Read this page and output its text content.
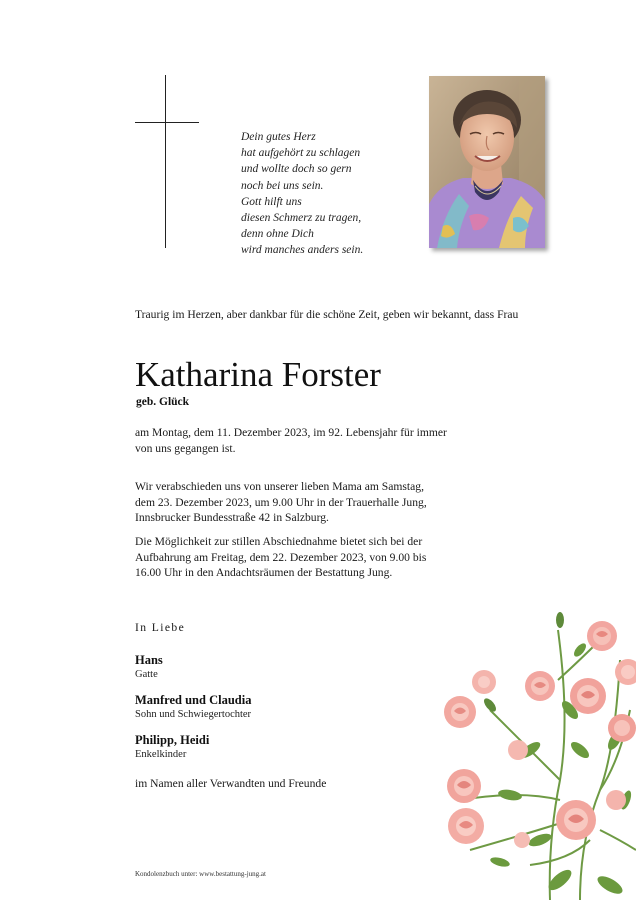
Dein gutes Herz
hat aufgehört zu schlagen
und wollte doch so gern
noch bei uns sein.
Gott hilft uns
diesen Schmerz zu tragen,
denn ohne Dich
wird manches anders sein.
Traurig im Herzen, aber dankbar für die schöne Zeit, geben wir bekannt, dass Frau
Katharina Forster
geb. Glück
am Montag, dem 11. Dezember 2023, im 92. Lebensjahr für immer
von uns gegangen ist.
Wir verabschieden uns von unserer lieben Mama am Samstag,
dem 23. Dezember 2023, um 9.00 Uhr in der Trauerhalle Jung,
Innsbrucker Bundesstraße 42 in Salzburg.
Die Möglichkeit zur stillen Abschiednahme bietet sich bei der
Aufbahrung am Freitag, dem 22. Dezember 2023, von 9.00 bis
16.00 Uhr in den Andachtsräumen der Bestattung Jung.
In Liebe
Hans
Gatte
Manfred und Claudia
Sohn und Schwiegertochter
Philipp, Heidi
Enkelkinder
im Namen aller Verwandten und Freunde
Kondolenzbuch unter: www.bestattung-jung.at
